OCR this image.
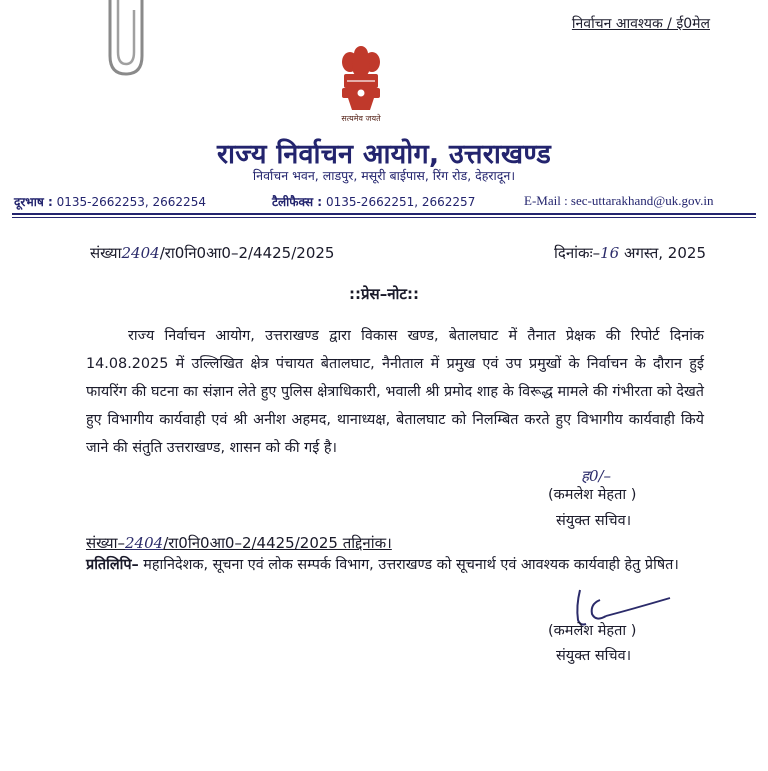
निर्वाचन आवश्यक / ई0मेल
सत्यमेव जयते
राज्य निर्वाचन आयोग, उत्तराखण्ड
निर्वाचन भवन, लाडपुर, मसूरी बाईपास, रिंग रोड, देहरादून।
दूरभाष : 0135-2662253, 2662254	टैलीफैक्स : 0135-2662251, 2662257	E-Mail : sec-uttarakhand@uk.gov.in
संख्या2404/रा0नि0आ0–2/4425/2025	दिनांकः–16 अगस्त, 2025
::प्रेस–नोट::
राज्य निर्वाचन आयोग, उत्तराखण्ड द्वारा विकास खण्ड, बेतालघाट में तैनात प्रेक्षक की रिपोर्ट दिनांक 14.08.2025 में उल्लिखित क्षेत्र पंचायत बेतालघाट, नैनीताल में प्रमुख एवं उप प्रमुखों के निर्वाचन के दौरान हुई फायरिंग की घटना का संज्ञान लेते हुए पुलिस क्षेत्राधिकारी, भवाली श्री प्रमोद शाह के विरूद्ध मामले की गंभीरता को देखते हुए विभागीय कार्यवाही एवं श्री अनीश अहमद, थानाध्यक्ष, बेतालघाट को निलम्बित करते हुए विभागीय कार्यवाही किये जाने की संतुति उत्तराखण्ड, शासन को की गई है।
ह0/–
(कमलेश मेहता )
संयुक्त सचिव।
संख्या–2404/रा0नि0आ0–2/4425/2025 तद्दिनांक।
प्रतिलिपि– महानिदेशक, सूचना एवं लोक सम्पर्क विभाग, उत्तराखण्ड को सूचनार्थ एवं आवश्यक कार्यवाही हेतु प्रेषित।
(कमलेश मेहता )
संयुक्त सचिव।
